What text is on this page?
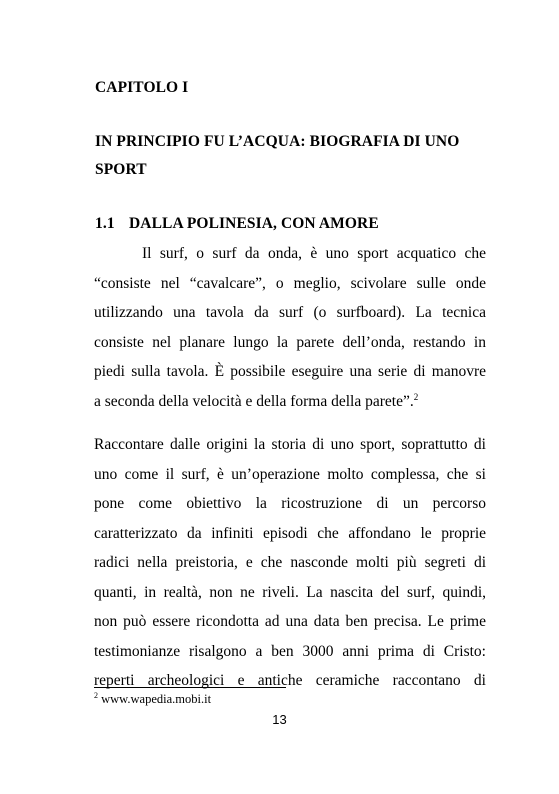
CAPITOLO I
IN PRINCIPIO FU L’ACQUA: BIOGRAFIA DI UNO
SPORT
1.1 DALLA POLINESIA, CON AMORE
Il surf, o surf da onda, è uno sport acquatico che
“consiste nel “cavalcare”, o meglio, scivolare sulle onde
utilizzando una tavola da surf (o surfboard). La tecnica
consiste nel planare lungo la parete dell’onda, restando in
piedi sulla tavola. È possibile eseguire una serie di manovre
a seconda della velocità e della forma della parete”.$^2$
Raccontare dalle origini la storia di uno sport, soprattutto di
uno come il surf, è un’operazione molto complessa, che si
pone come obiettivo la ricostruzione di un percorso
caratterizzato da infiniti episodi che affondano le proprie
radici nella preistoria, e che nasconde molti più segreti di
quanti, in realtà, non ne riveli. La nascita del surf, quindi,
non può essere ricondotta ad una data ben precisa. Le prime
testimonianze risalgono a ben 3000 anni prima di Cristo:
reperti archeologici e antiche ceramiche raccontano di
$^2$ www.wapedia.mobi.it
13
